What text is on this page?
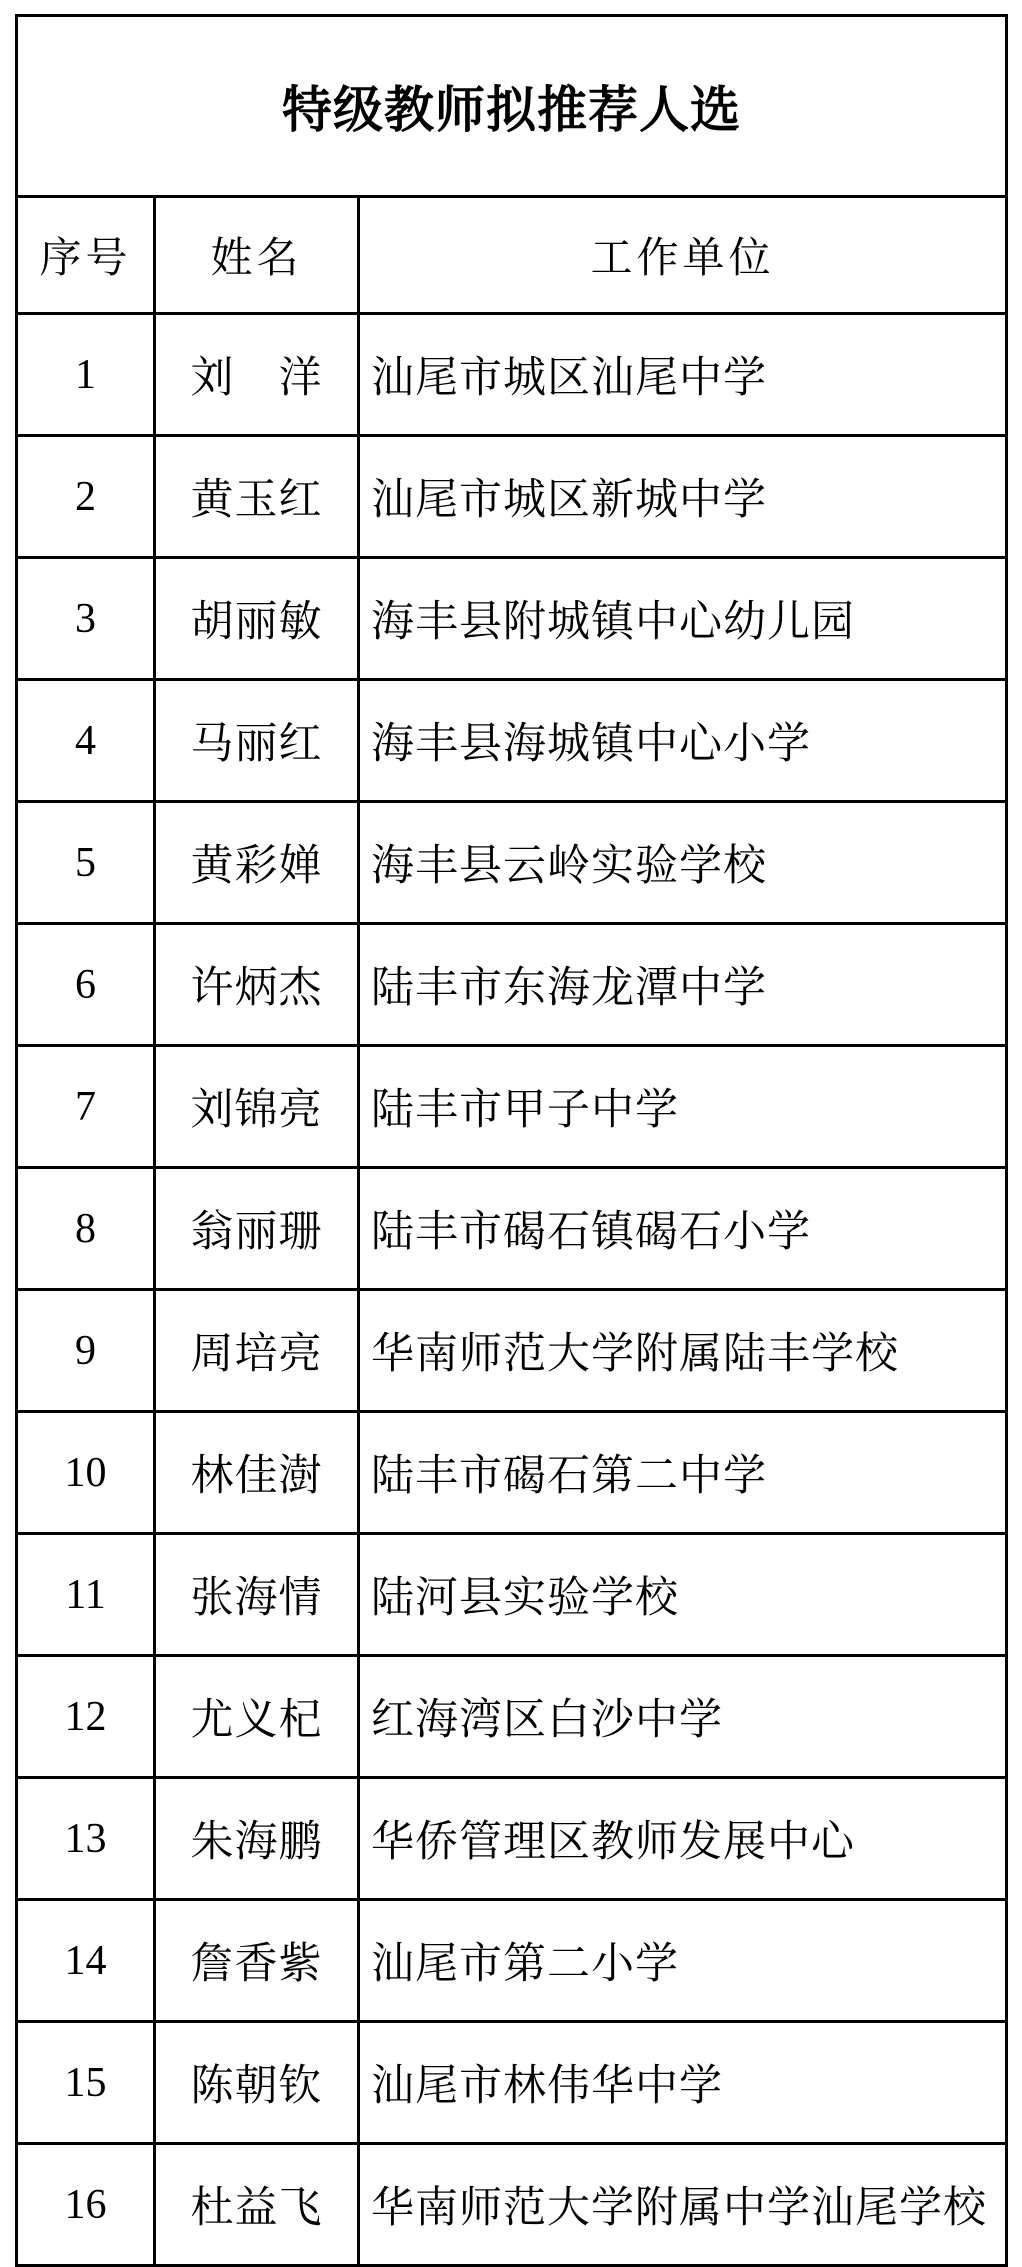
特级教师拟推荐人选		
序号	姓名	工作单位
1	刘　洋	汕尾市城区汕尾中学
2	黄玉红	汕尾市城区新城中学
3	胡丽敏	海丰县附城镇中心幼儿园
4	马丽红	海丰县海城镇中心小学
5	黄彩婵	海丰县云岭实验学校
6	许炳杰	陆丰市东海龙潭中学
7	刘锦亮	陆丰市甲子中学
8	翁丽珊	陆丰市碣石镇碣石小学
9	周培亮	华南师范大学附属陆丰学校
10	林佳澍	陆丰市碣石第二中学
11	张海情	陆河县实验学校
12	尤义杞	红海湾区白沙中学
13	朱海鹏	华侨管理区教师发展中心
14	詹香紫	汕尾市第二小学
15	陈朝钦	汕尾市林伟华中学
16	杜益飞	华南师范大学附属中学汕尾学校
